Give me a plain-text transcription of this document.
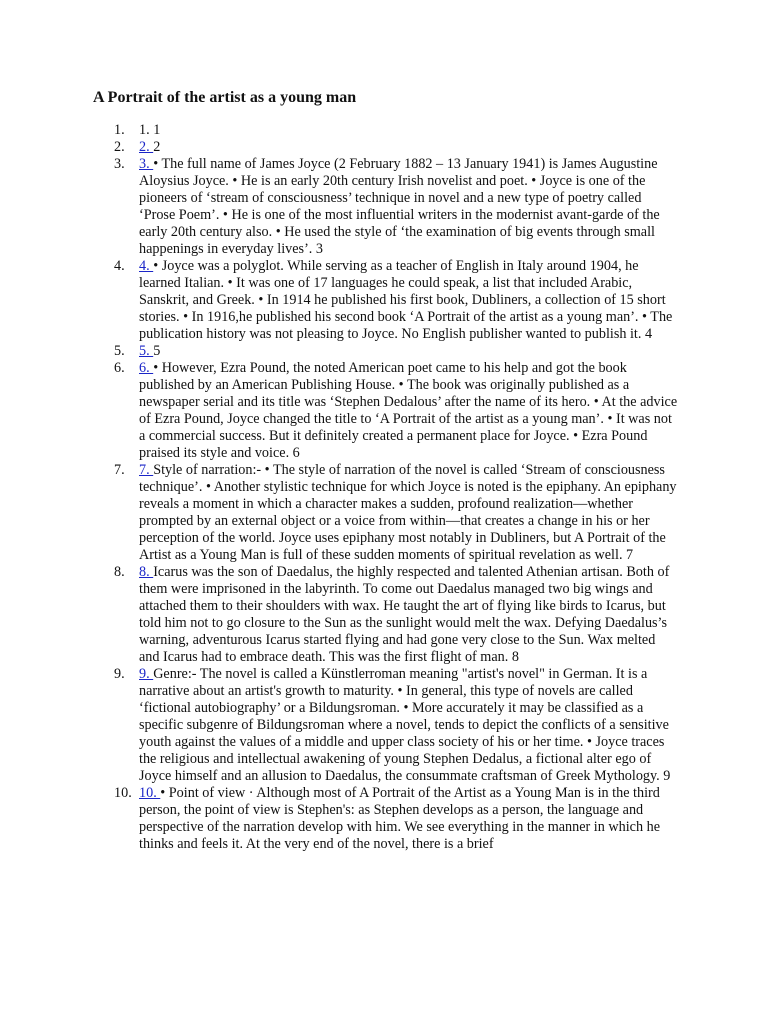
A Portrait of the artist as a young man
1. 1. 1
2. 2. 2
3. 3. • The full name of James Joyce (2 February 1882 – 13 January 1941) is James Augustine Aloysius Joyce. • He is an early 20th century Irish novelist and poet. • Joyce is one of the pioneers of ‘stream of consciousness’ technique in novel and a new type of poetry called ‘Prose Poem’. • He is one of the most influential writers in the modernist avant-garde of the early 20th century also. • He used the style of ‘the examination of big events through small happenings in everyday lives’. 3
4. 4. • Joyce was a polyglot. While serving as a teacher of English in Italy around 1904, he learned Italian. • It was one of 17 languages he could speak, a list that included Arabic, Sanskrit, and Greek. • In 1914 he published his first book, Dubliners, a collection of 15 short stories. • In 1916,he published his second book ‘A Portrait of the artist as a young man’. • The publication history was not pleasing to Joyce. No English publisher wanted to publish it. 4
5. 5. 5
6. 6. • However, Ezra Pound, the noted American poet came to his help and got the book published by an American Publishing House. • The book was originally published as a newspaper serial and its title was ‘Stephen Dedalous’ after the name of its hero. • At the advice of Ezra Pound, Joyce changed the title to ‘A Portrait of the artist as a young man’. • It was not a commercial success. But it definitely created a permanent place for Joyce. • Ezra Pound praised its style and voice. 6
7. 7. Style of narration:- • The style of narration of the novel is called ‘Stream of consciousness technique’. • Another stylistic technique for which Joyce is noted is the epiphany. An epiphany reveals a moment in which a character makes a sudden, profound realization—whether prompted by an external object or a voice from within—that creates a change in his or her perception of the world. Joyce uses epiphany most notably in Dubliners, but A Portrait of the Artist as a Young Man is full of these sudden moments of spiritual revelation as well. 7
8. 8. Icarus was the son of Daedalus, the highly respected and talented Athenian artisan. Both of them were imprisoned in the labyrinth. To come out Daedalus managed two big wings and attached them to their shoulders with wax. He taught the art of flying like birds to Icarus, but told him not to go closure to the Sun as the sunlight would melt the wax. Defying Daedalus’s warning, adventurous Icarus started flying and had gone very close to the Sun. Wax melted and Icarus had to embrace death. This was the first flight of man. 8
9. 9. Genre:- The novel is called a Künstlerroman meaning "artist's novel" in German. It is a narrative about an artist's growth to maturity. • In general, this type of novels are called ‘fictional autobiography’ or a Bildungsroman. • More accurately it may be classified as a specific subgenre of Bildungsroman where a novel, tends to depict the conflicts of a sensitive youth against the values of a middle and upper class society of his or her time. • Joyce traces the religious and intellectual awakening of young Stephen Dedalus, a fictional alter ego of Joyce himself and an allusion to Daedalus, the consummate craftsman of Greek Mythology. 9
10. 10. • Point of view · Although most of A Portrait of the Artist as a Young Man is in the third person, the point of view is Stephen's: as Stephen develops as a person, the language and perspective of the narration develop with him. We see everything in the manner in which he thinks and feels it. At the very end of the novel, there is a brief
